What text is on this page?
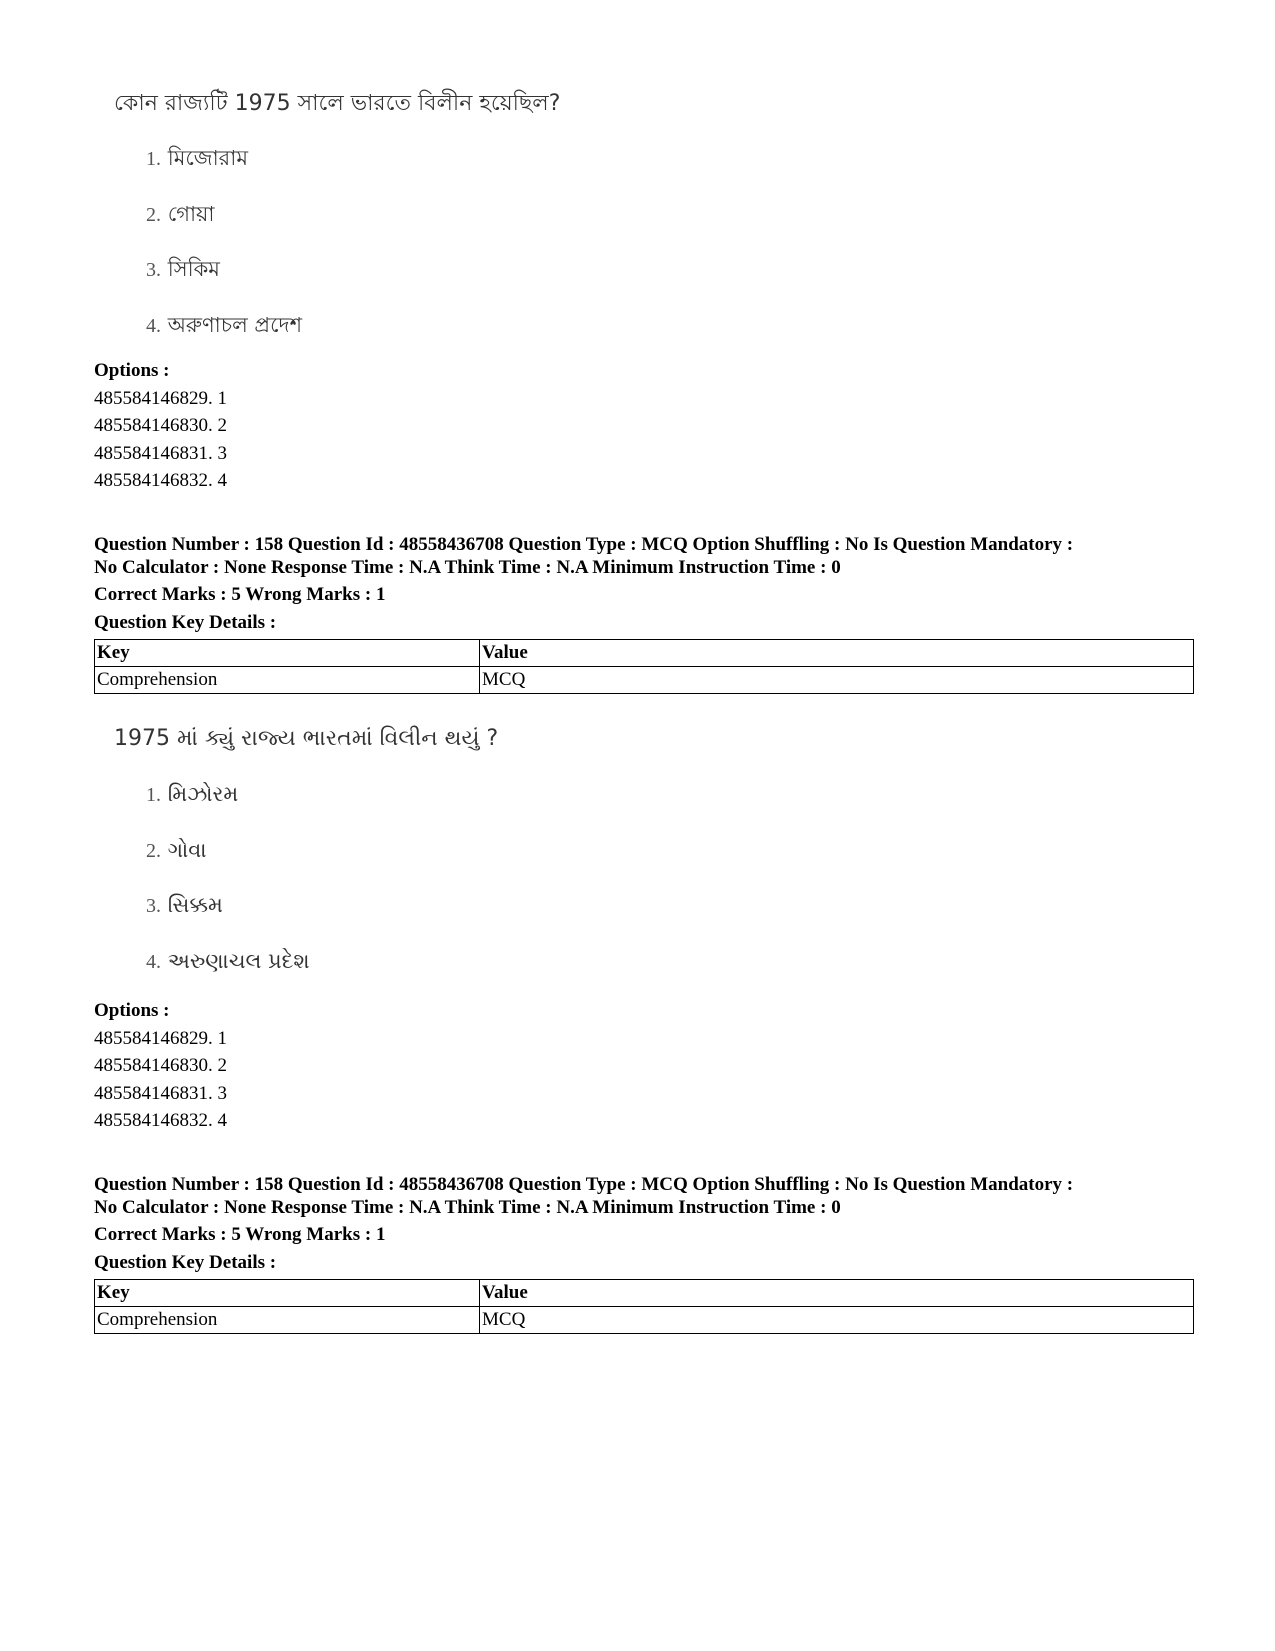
কোন রাজ্যটি 1975 সালে ভারতে বিলীন হয়েছিল?
1. মিজোরাম
2. গোয়া
3. সিকিম
4. অরুণাচল প্রদেশ
Options :
485584146829. 1
485584146830. 2
485584146831. 3
485584146832. 4
Question Number : 158 Question Id : 48558436708 Question Type : MCQ Option Shuffling : No Is Question Mandatory :
No Calculator : None Response Time : N.A Think Time : N.A Minimum Instruction Time : 0
Correct Marks : 5 Wrong Marks : 1
Question Key Details :
Key	Value
Comprehension	MCQ
1975 માં ક્યું રાજ્ય ભારતમાં વિલીન થયું ?
1. મિઝોરમ
2. ગોવા
3. સિક્કમ
4. અરુણાચલ પ્રદેશ
Options :
485584146829. 1
485584146830. 2
485584146831. 3
485584146832. 4
Question Number : 158 Question Id : 48558436708 Question Type : MCQ Option Shuffling : No Is Question Mandatory :
No Calculator : None Response Time : N.A Think Time : N.A Minimum Instruction Time : 0
Correct Marks : 5 Wrong Marks : 1
Question Key Details :
Key	Value
Comprehension	MCQ
